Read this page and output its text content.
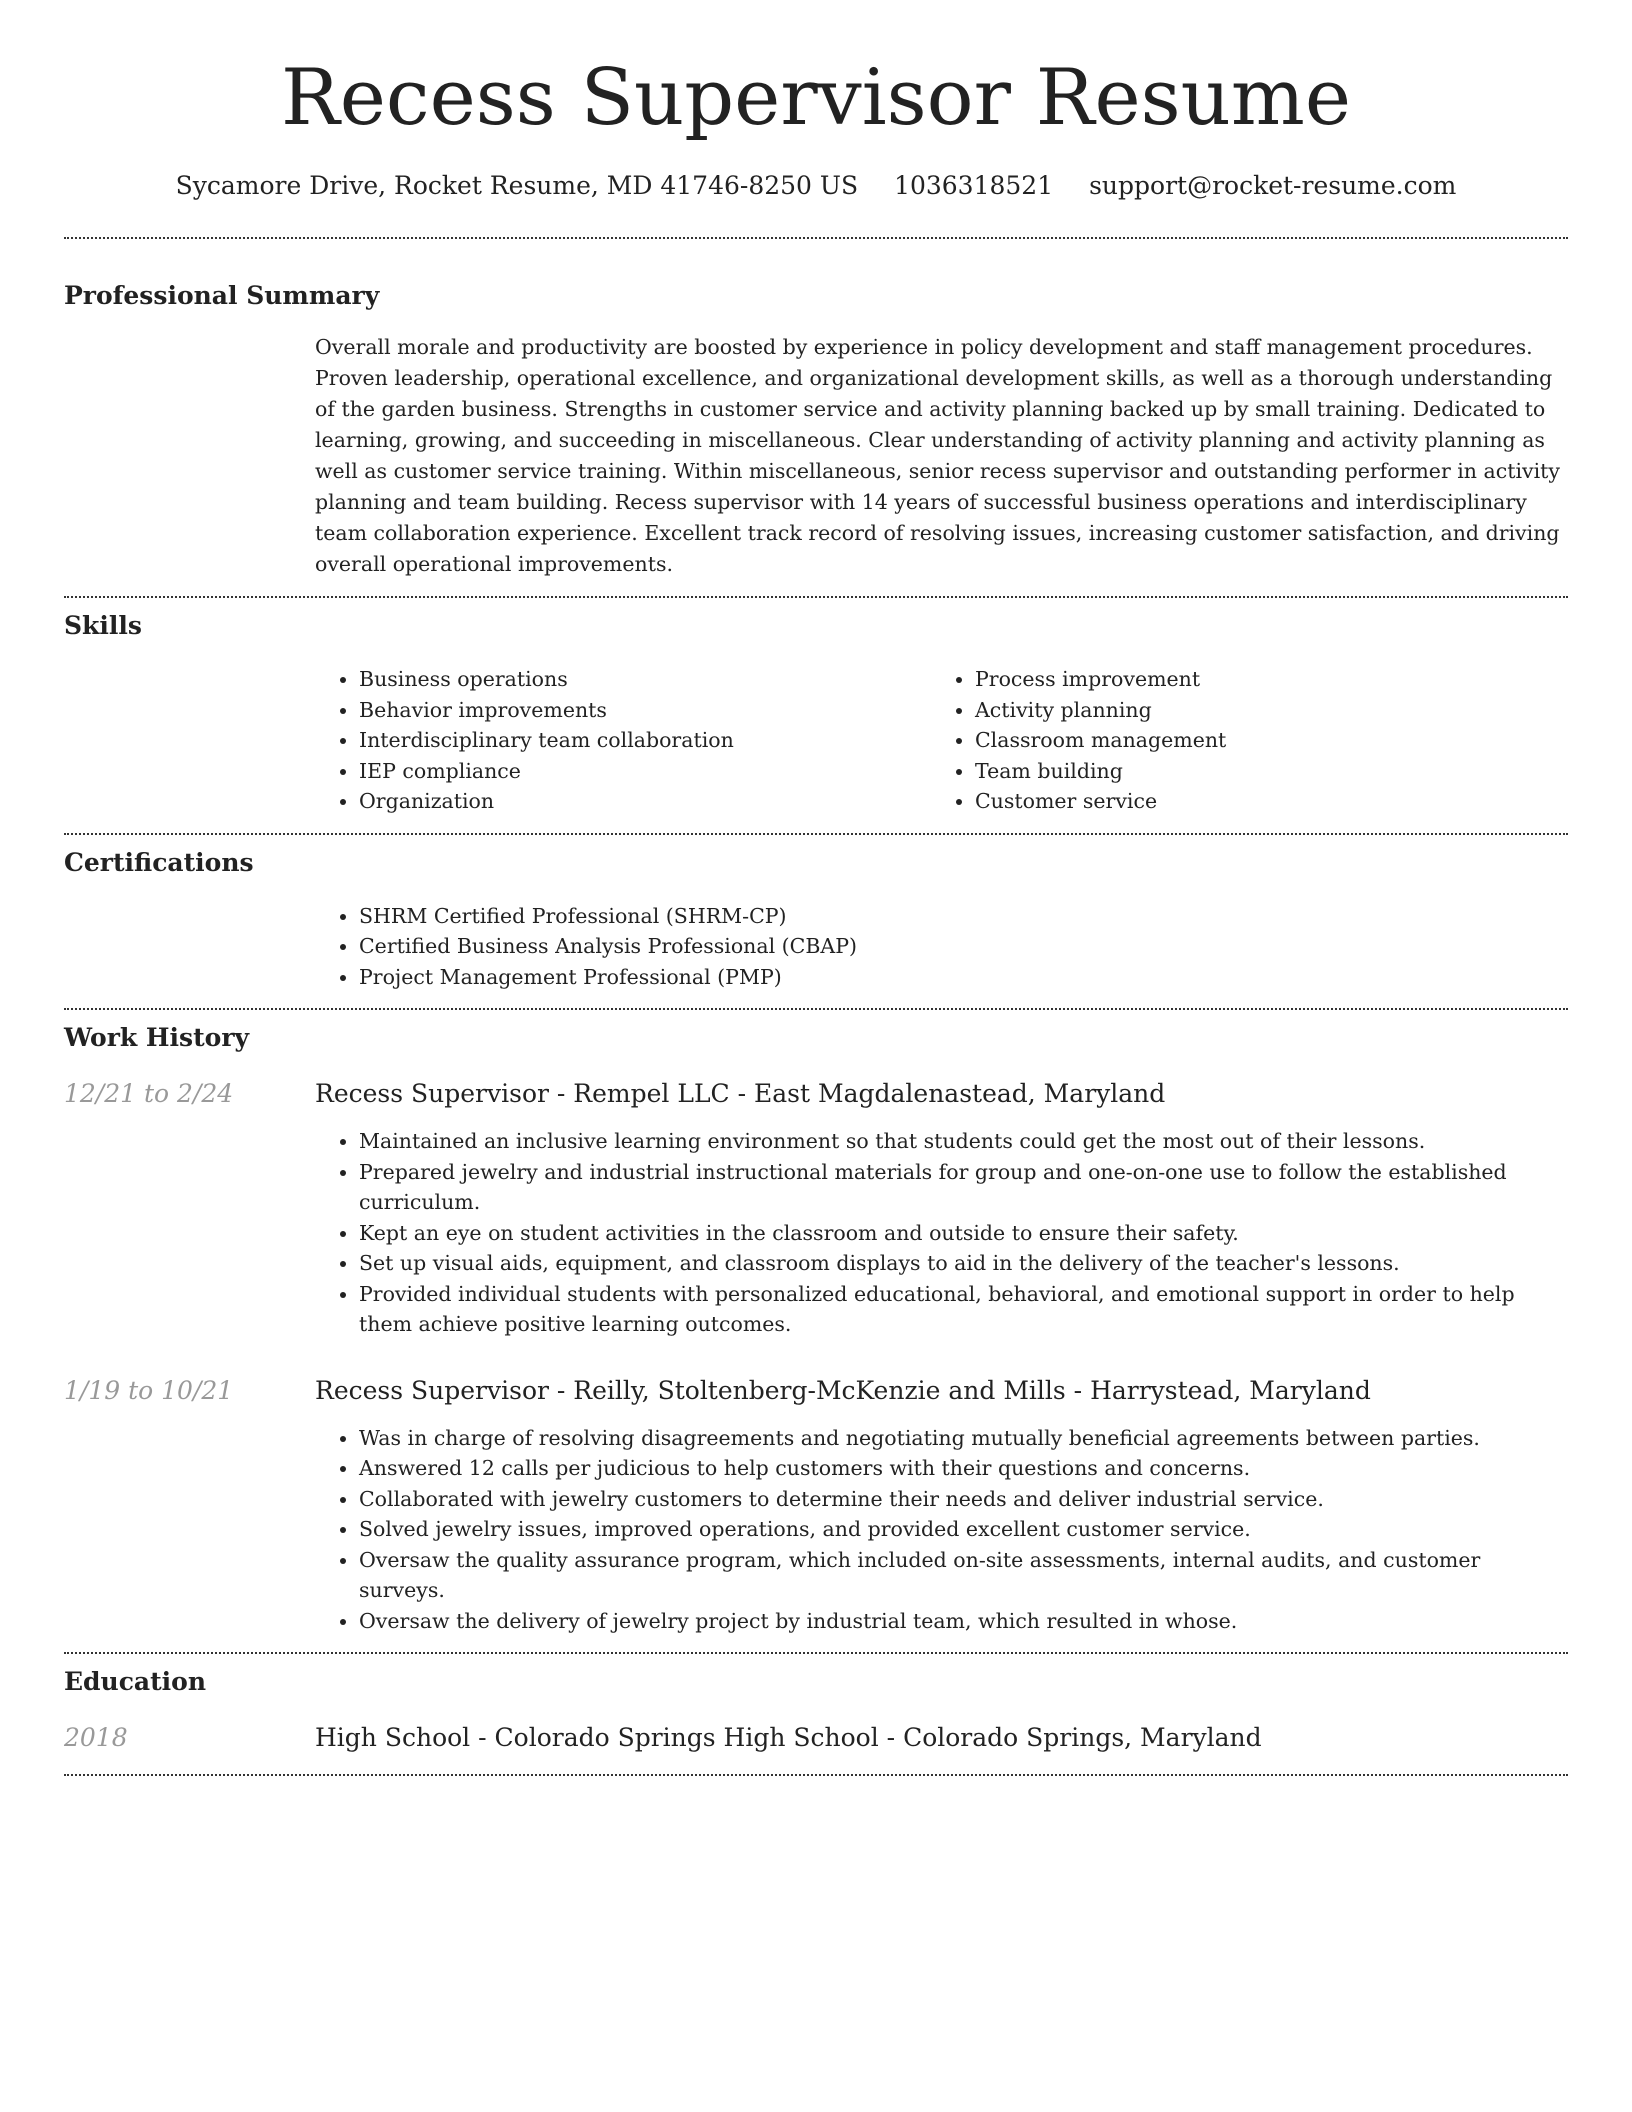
Recess Supervisor Resume
Sycamore Drive, Rocket Resume, MD 41746-8250 US 1036318521 support@rocket-resume.com
Professional Summary
Overall morale and productivity are boosted by experience in policy development and staff management procedures. Proven leadership, operational excellence, and organizational development skills, as well as a thorough understanding of the garden business. Strengths in customer service and activity planning backed up by small training. Dedicated to learning, growing, and succeeding in miscellaneous. Clear understanding of activity planning and activity planning as well as customer service training. Within miscellaneous, senior recess supervisor and outstanding performer in activity planning and team building. Recess supervisor with 14 years of successful business operations and interdisciplinary team collaboration experience. Excellent track record of resolving issues, increasing customer satisfaction, and driving overall operational improvements.
Skills
• Business operations
• Behavior improvements
• Interdisciplinary team collaboration
• IEP compliance
• Organization
• Process improvement
• Activity planning
• Classroom management
• Team building
• Customer service
Certifications
• SHRM Certified Professional (SHRM-CP)
• Certified Business Analysis Professional (CBAP)
• Project Management Professional (PMP)
Work History
12/21 to 2/24	Recess Supervisor - Rempel LLC - East Magdalenastead, Maryland
• Maintained an inclusive learning environment so that students could get the most out of their lessons.
• Prepared jewelry and industrial instructional materials for group and one-on-one use to follow the established curriculum.
• Kept an eye on student activities in the classroom and outside to ensure their safety.
• Set up visual aids, equipment, and classroom displays to aid in the delivery of the teacher's lessons.
• Provided individual students with personalized educational, behavioral, and emotional support in order to help them achieve positive learning outcomes.
1/19 to 10/21	Recess Supervisor - Reilly, Stoltenberg-McKenzie and Mills - Harrystead, Maryland
• Was in charge of resolving disagreements and negotiating mutually beneficial agreements between parties.
• Answered 12 calls per judicious to help customers with their questions and concerns.
• Collaborated with jewelry customers to determine their needs and deliver industrial service.
• Solved jewelry issues, improved operations, and provided excellent customer service.
• Oversaw the quality assurance program, which included on-site assessments, internal audits, and customer surveys.
• Oversaw the delivery of jewelry project by industrial team, which resulted in whose.
Education
2018	High School - Colorado Springs High School - Colorado Springs, Maryland
